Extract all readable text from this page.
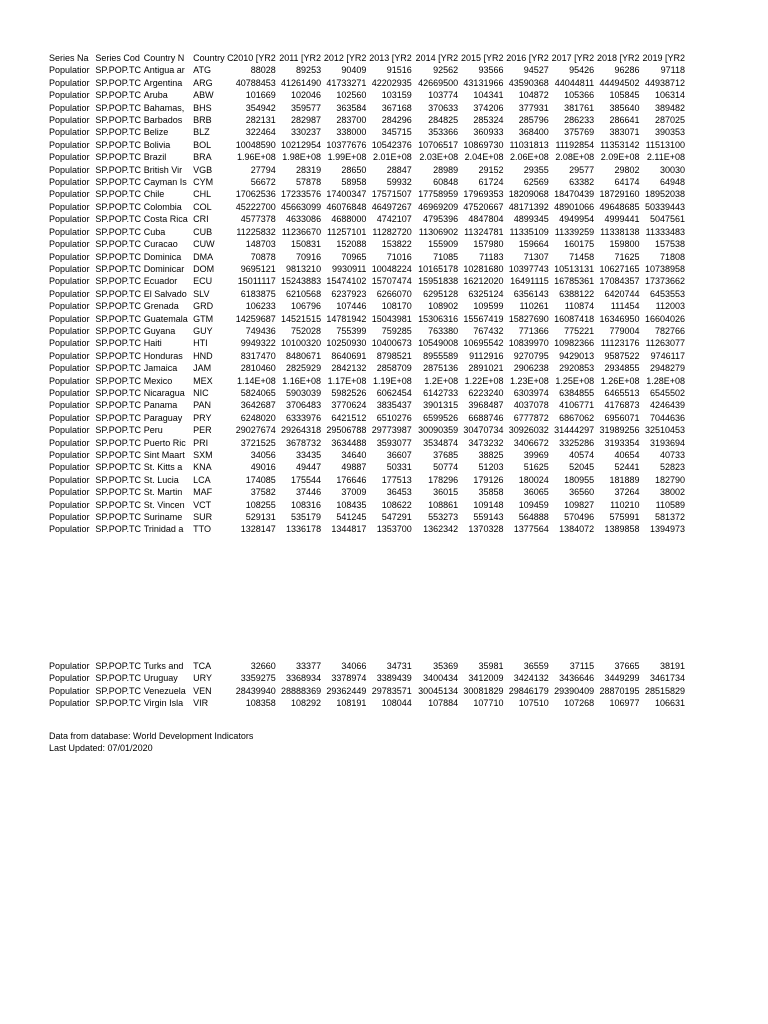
Series Na	Series Cod	Country N	Country C	2010 [YR2	2011 [YR2	2012 [YR2	2013 [YR2	2014 [YR2	2015 [YR2	2016 [YR2	2017 [YR2	2018 [YR2	2019 [YR2
Populatior	SP.POP.TC	Antigua ar	ATG	88028	89253	90409	91516	92562	93566	94527	95426	96286	97118
Populatior	SP.POP.TC	Argentina	ARG	40788453	41261490	41733271	42202935	42669500	43131966	43590368	44044811	44494502	44938712
Populatior	SP.POP.TC	Aruba	ABW	101669	102046	102560	103159	103774	104341	104872	105366	105845	106314
Populatior	SP.POP.TC	Bahamas,	BHS	354942	359577	363584	367168	370633	374206	377931	381761	385640	389482
Populatior	SP.POP.TC	Barbados	BRB	282131	282987	283700	284296	284825	285324	285796	286233	286641	287025
Populatior	SP.POP.TC	Belize	BLZ	322464	330237	338000	345715	353366	360933	368400	375769	383071	390353
Populatior	SP.POP.TC	Bolivia	BOL	10048590	10212954	10377676	10542376	10706517	10869730	11031813	11192854	11353142	11513100
Populatior	SP.POP.TC	Brazil	BRA	1.96E+08	1.98E+08	1.99E+08	2.01E+08	2.03E+08	2.04E+08	2.06E+08	2.08E+08	2.09E+08	2.11E+08
Populatior	SP.POP.TC	British Vir	VGB	27794	28319	28650	28847	28989	29152	29355	29577	29802	30030
Populatior	SP.POP.TC	Cayman Is	CYM	56672	57878	58958	59932	60848	61724	62569	63382	64174	64948
Populatior	SP.POP.TC	Chile	CHL	17062536	17233576	17400347	17571507	17758959	17969353	18209068	18470439	18729160	18952038
Populatior	SP.POP.TC	Colombia	COL	45222700	45663099	46076848	46497267	46969209	47520667	48171392	48901066	49648685	50339443
Populatior	SP.POP.TC	Costa Rica	CRI	4577378	4633086	4688000	4742107	4795396	4847804	4899345	4949954	4999441	5047561
Populatior	SP.POP.TC	Cuba	CUB	11225832	11236670	11257101	11282720	11306902	11324781	11335109	11339259	11338138	11333483
Populatior	SP.POP.TC	Curacao	CUW	148703	150831	152088	153822	155909	157980	159664	160175	159800	157538
Populatior	SP.POP.TC	Dominica	DMA	70878	70916	70965	71016	71085	71183	71307	71458	71625	71808
Populatior	SP.POP.TC	Dominicar	DOM	9695121	9813210	9930911	10048224	10165178	10281680	10397743	10513131	10627165	10738958
Populatior	SP.POP.TC	Ecuador	ECU	15011117	15243883	15474102	15707474	15951838	16212020	16491115	16785361	17084357	17373662
Populatior	SP.POP.TC	El Salvado	SLV	6183875	6210568	6237923	6266070	6295128	6325124	6356143	6388122	6420744	6453553
Populatior	SP.POP.TC	Grenada	GRD	106233	106796	107446	108170	108902	109599	110261	110874	111454	112003
Populatior	SP.POP.TC	Guatemala	GTM	14259687	14521515	14781942	15043981	15306316	15567419	15827690	16087418	16346950	16604026
Populatior	SP.POP.TC	Guyana	GUY	749436	752028	755399	759285	763380	767432	771366	775221	779004	782766
Populatior	SP.POP.TC	Haiti	HTI	9949322	10100320	10250930	10400673	10549008	10695542	10839970	10982366	11123176	11263077
Populatior	SP.POP.TC	Honduras	HND	8317470	8480671	8640691	8798521	8955589	9112916	9270795	9429013	9587522	9746117
Populatior	SP.POP.TC	Jamaica	JAM	2810460	2825929	2842132	2858709	2875136	2891021	2906238	2920853	2934855	2948279
Populatior	SP.POP.TC	Mexico	MEX	1.14E+08	1.16E+08	1.17E+08	1.19E+08	1.2E+08	1.22E+08	1.23E+08	1.25E+08	1.26E+08	1.28E+08
Populatior	SP.POP.TC	Nicaragua	NIC	5824065	5903039	5982526	6062454	6142733	6223240	6303974	6384855	6465513	6545502
Populatior	SP.POP.TC	Panama	PAN	3642687	3706483	3770624	3835437	3901315	3968487	4037078	4106771	4176873	4246439
Populatior	SP.POP.TC	Paraguay	PRY	6248020	6333976	6421512	6510276	6599526	6688746	6777872	6867062	6956071	7044636
Populatior	SP.POP.TC	Peru	PER	29027674	29264318	29506788	29773987	30090359	30470734	30926032	31444297	31989256	32510453
Populatior	SP.POP.TC	Puerto Ric	PRI	3721525	3678732	3634488	3593077	3534874	3473232	3406672	3325286	3193354	3193694
Populatior	SP.POP.TC	Sint Maart	SXM	34056	33435	34640	36607	37685	38825	39969	40574	40654	40733
Populatior	SP.POP.TC	St. Kitts a	KNA	49016	49447	49887	50331	50774	51203	51625	52045	52441	52823
Populatior	SP.POP.TC	St. Lucia	LCA	174085	175544	176646	177513	178296	179126	180024	180955	181889	182790
Populatior	SP.POP.TC	St. Martin	MAF	37582	37446	37009	36453	36015	35858	36065	36560	37264	38002
Populatior	SP.POP.TC	St. Vincen	VCT	108255	108316	108435	108622	108861	109148	109459	109827	110210	110589
Populatior	SP.POP.TC	Suriname	SUR	529131	535179	541245	547291	553273	559143	564888	570496	575991	581372
Populatior	SP.POP.TC	Trinidad a	TTO	1328147	1336178	1344817	1353700	1362342	1370328	1377564	1384072	1389858	1394973

Populatior	SP.POP.TC	Turks and	TCA	32660	33377	34066	34731	35369	35981	36559	37115	37665	38191
Populatior	SP.POP.TC	Uruguay	URY	3359275	3368934	3378974	3389439	3400434	3412009	3424132	3436646	3449299	3461734
Populatior	SP.POP.TC	Venezuela	VEN	28439940	28888369	29362449	29783571	30045134	30081829	29846179	29390409	28870195	28515829
Populatior	SP.POP.TC	Virgin Isla	VIR	108358	108292	108191	108044	107884	107710	107510	107268	106977	106631
Data from database: World Development Indicators
Last Updated: 07/01/2020
